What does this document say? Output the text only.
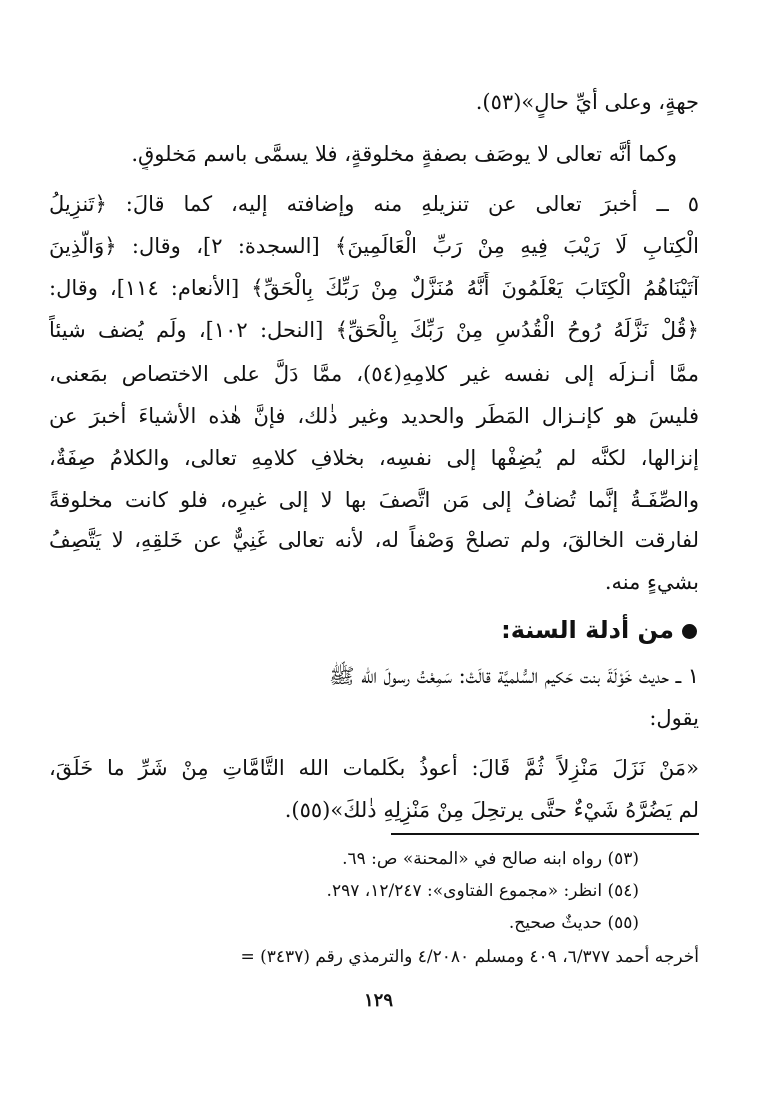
جهةٍ، وعلى أيِّ حالٍ»(٥٣).
وكما أنَّه تعالى لا يوصَف بصفةٍ مخلوقةٍ، فلا يسمَّى باسم مَخلوقٍ.
٥ ــ أخبرَ تعالى عن تنزيلهِ منه وإضافته إليه، كما قالَ: ﴿تَنزِيلُ
الْكِتابِ لَا رَيْبَ فِيهِ مِنْ رَبِّ الْعَالَمِينَ﴾ [السجدة: ٢]، وقال: ﴿وَالَّذِينَ
آتَيْنَاهُمُ الْكِتَابَ يَعْلَمُونَ أَنَّهُ مُنَزَّلٌ مِنْ رَبِّكَ بِالْحَقِّ﴾ [الأنعام: ١١٤]، وقال:
﴿قُلْ نَزَّلَهُ رُوحُ الْقُدُسِ مِنْ رَبِّكَ بِالْحَقِّ﴾ [النحل: ١٠٢]، ولَم يُضف شيئاً
ممَّا أنـزلَه إلى نفسه غير كلامِهِ(٥٤)، ممَّا دَلَّ على الاختصاص بمَعنى،
فليسَ هو كإنـزال المَطَر والحديد وغير ذٰلك، فإنَّ هٰذه الأشياءَ أخبرَ عن
إنزالها، لكنَّه لم يُضِفْها إلى نفسِه، بخلافِ كلامِهِ تعالى، والكلامُ صِفَةٌ،
والصِّفَـةُ إنَّما تُضافُ إلى مَن اتَّصفَ بها لا إلى غيرِه، فلو كانت مخلوقةً
لفارقت الخالقَ، ولم تصلحْ وَصْفاً له، لأنه تعالى غَنِيٌّ عن خَلقِهِ، لا يَتَّصِفُ
بشيءٍ منه.
من أدلة السنة:
١ ــ حديث خَوْلَةَ بنت حَكيم السُّلميَّة قالَتْ: سَمِعْتُ رسولَ الله ﷺ
يقول:
«مَنْ نَزَلَ مَنْزِلاً ثُمَّ قَالَ: أعوذُ بكَلمات الله التَّامَّاتِ مِنْ شَرِّ ما خَلَقَ،
لم يَضُرَّهُ شَيْءٌ حتَّى يرتحِلَ مِنْ مَنْزِلِهِ ذٰلكَ»(٥٥).
(٥٣) رواه ابنه صالح في «المحنة» ص: ٦٩.
(٥٤) انظر: «مجموع الفتاوى»: ١٢/٢٤٧، ٢٩٧.
(٥٥) حديثٌ صحيح.
أخرجه أحمد ٦/٣٧٧، ٤٠٩ ومسلم ٤/٢٠٨٠ والترمذي رقم (٣٤٣٧) =
١٢٩
